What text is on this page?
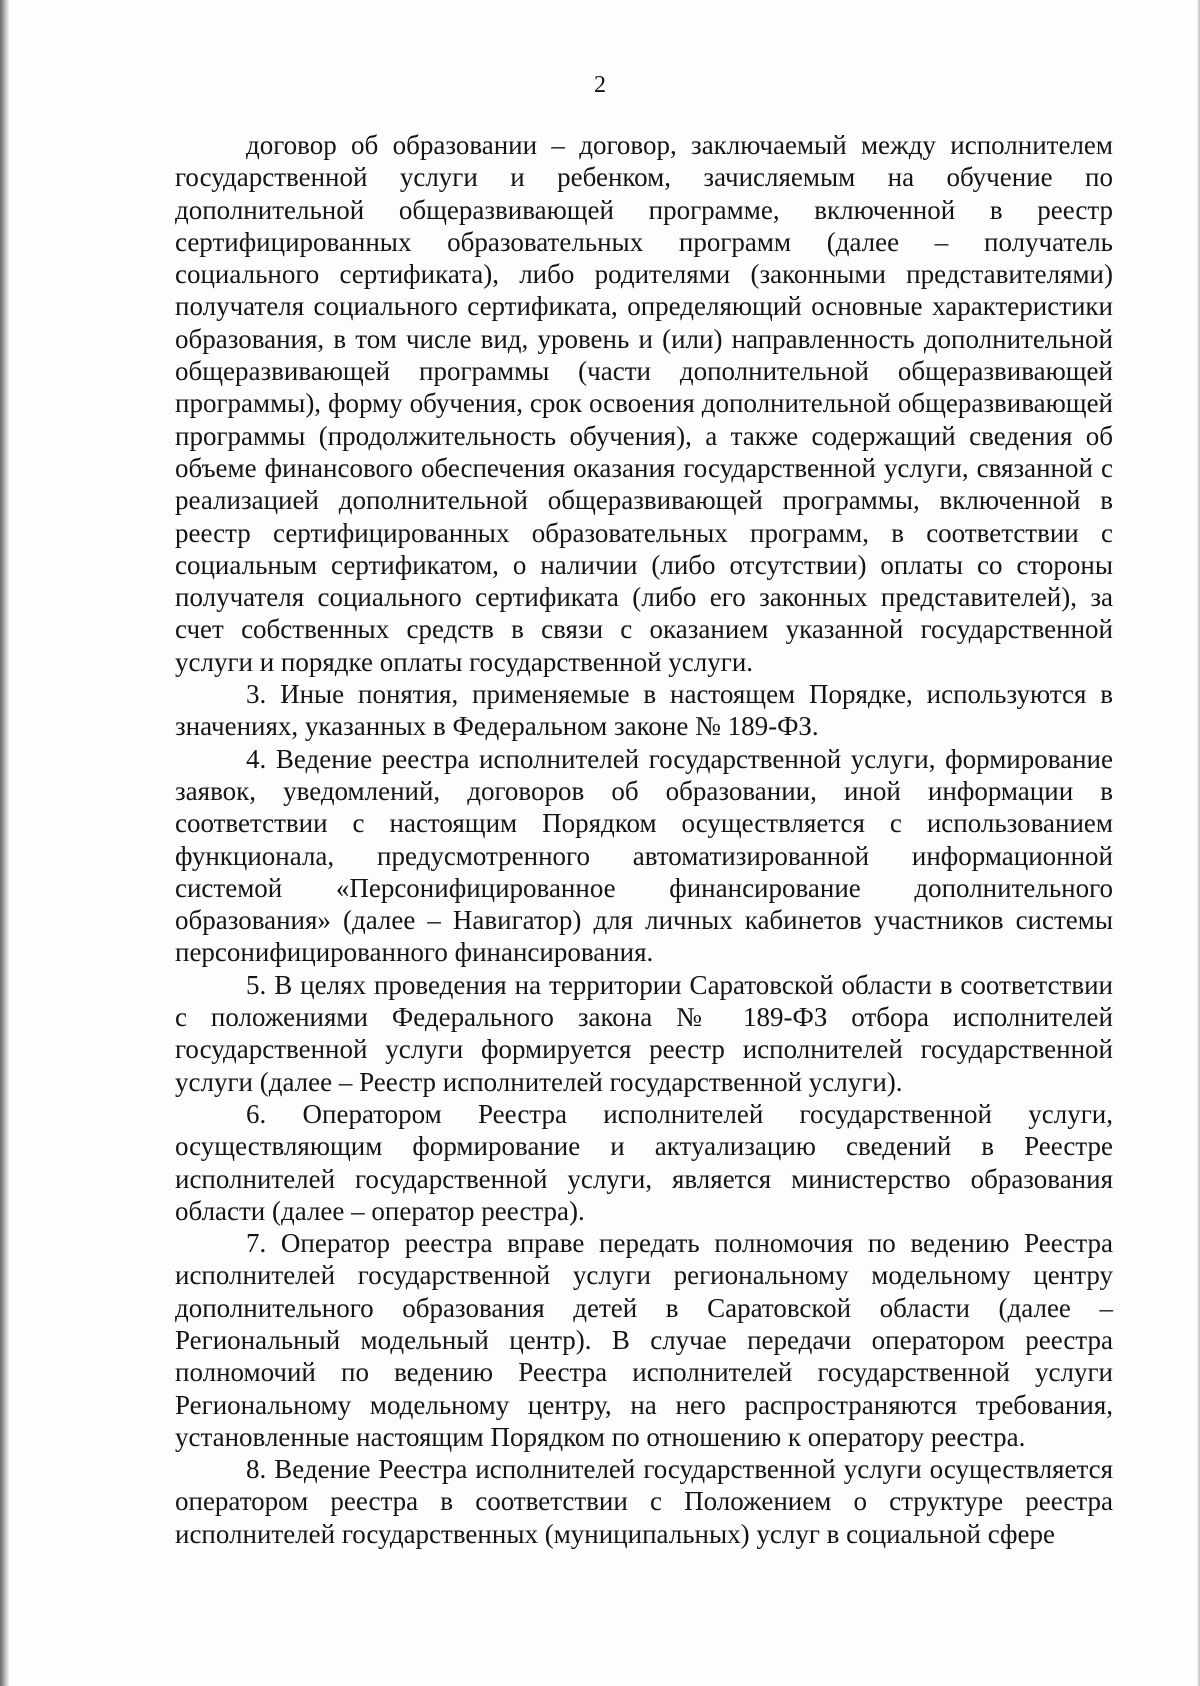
2

договор об образовании – договор, заключаемый между исполнителем государственной услуги и ребенком, зачисляемым на обучение по дополнительной общеразвивающей программе, включенной в реестр сертифицированных образовательных программ (далее – получатель социального сертификата), либо родителями (законными представителями) получателя социального сертификата, определяющий основные характеристики образования, в том числе вид, уровень и (или) направленность дополнительной общеразвивающей программы (части дополнительной общеразвивающей программы), форму обучения, срок освоения дополнительной общеразвивающей программы (продолжительность обучения), а также содержащий сведения об объеме финансового обеспечения оказания государственной услуги, связанной с реализацией дополнительной общеразвивающей программы, включенной в реестр сертифицированных образовательных программ, в соответствии с социальным сертификатом, о наличии (либо отсутствии) оплаты со стороны получателя социального сертификата (либо его законных представителей), за счет собственных средств в связи с оказанием указанной государственной услуги и порядке оплаты государственной услуги.

3. Иные понятия, применяемые в настоящем Порядке, используются в значениях, указанных в Федеральном законе № 189-ФЗ.

4. Ведение реестра исполнителей государственной услуги, формирование заявок, уведомлений, договоров об образовании, иной информации в соответствии с настоящим Порядком осуществляется с использованием функционала, предусмотренного автоматизированной информационной системой «Персонифицированное финансирование дополнительного образования» (далее – Навигатор) для личных кабинетов участников системы персонифицированного финансирования.

5. В целях проведения на территории Саратовской области в соответствии с положениями Федерального закона № 189-ФЗ отбора исполнителей государственной услуги формируется реестр исполнителей государственной услуги (далее – Реестр исполнителей государственной услуги).

6. Оператором Реестра исполнителей государственной услуги, осуществляющим формирование и актуализацию сведений в Реестре исполнителей государственной услуги, является министерство образования области (далее – оператор реестра).

7. Оператор реестра вправе передать полномочия по ведению Реестра исполнителей государственной услуги региональному модельному центру дополнительного образования детей в Саратовской области (далее – Региональный модельный центр). В случае передачи оператором реестра полномочий по ведению Реестра исполнителей государственной услуги Региональному модельному центру, на него распространяются требования, установленные настоящим Порядком по отношению к оператору реестра.

8. Ведение Реестра исполнителей государственной услуги осуществляется оператором реестра в соответствии с Положением о структуре реестра исполнителей государственных (муниципальных) услуг в социальной сфере
